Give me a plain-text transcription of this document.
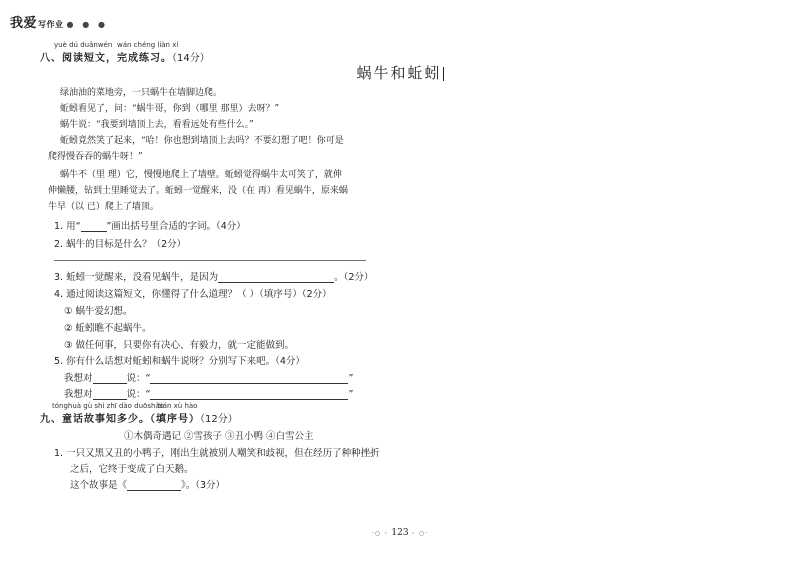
我爱写作业 ● ● ●
yuè dú duǎnwén wán chéng liàn xí
八、阅读短文，完成练习。（14分）
蜗牛和蚯蚓
绿油油的菜地旁，一只蜗牛在墙脚边爬。
蚯蚓看见了，问：“蜗牛哥，你到（哪里 那里）去呀？”
蜗牛说：“我要到墙顶上去，看看远处有些什么。”
蚯蚓竟然笑了起来，“哈！你也想到墙顶上去吗？不要幻想了吧！你可是
爬得慢吞吞的蜗牛呀！”
蜗牛不（里 理）它，慢慢地爬上了墙壁。蚯蚓觉得蜗牛太可笑了，就伸
伸懒腰，钻到土里睡觉去了。蚯蚓一觉醒来，没（在 再）看见蜗牛，原来蜗
牛早（以 已）爬上了墙顶。
1. 用“	”画出括号里合适的字词。（4分）
2. 蜗牛的目标是什么？（2分）
3. 蚯蚓一觉醒来，没看见蜗牛，是因为	。（2分）
4. 通过阅读这篇短文，你懂得了什么道理？（ ）（填序号）（2分）
① 蜗牛爱幻想。
② 蚯蚓瞧不起蜗牛。
③ 做任何事，只要你有决心、有毅力，就一定能做到。
5. 你有什么话想对蚯蚓和蜗牛说呀？分别写下来吧。（4分）
我想对	说：“	”
我想对	说：“	”
tónghuà gù shi zhī dào duōshǎo
tián xù hào
九、童话故事知多少。（填序号）（12分）
①木偶奇遇记 ②雪孩子 ③丑小鸭 ④白雪公主
1. 一只又黑又丑的小鸭子，刚出生就被别人嘲笑和歧视，但在经历了种种挫折
之后，它终于变成了白天鹅。
这个故事是《	》。（3分）
·○ ◦ 123 ◦ ○·
